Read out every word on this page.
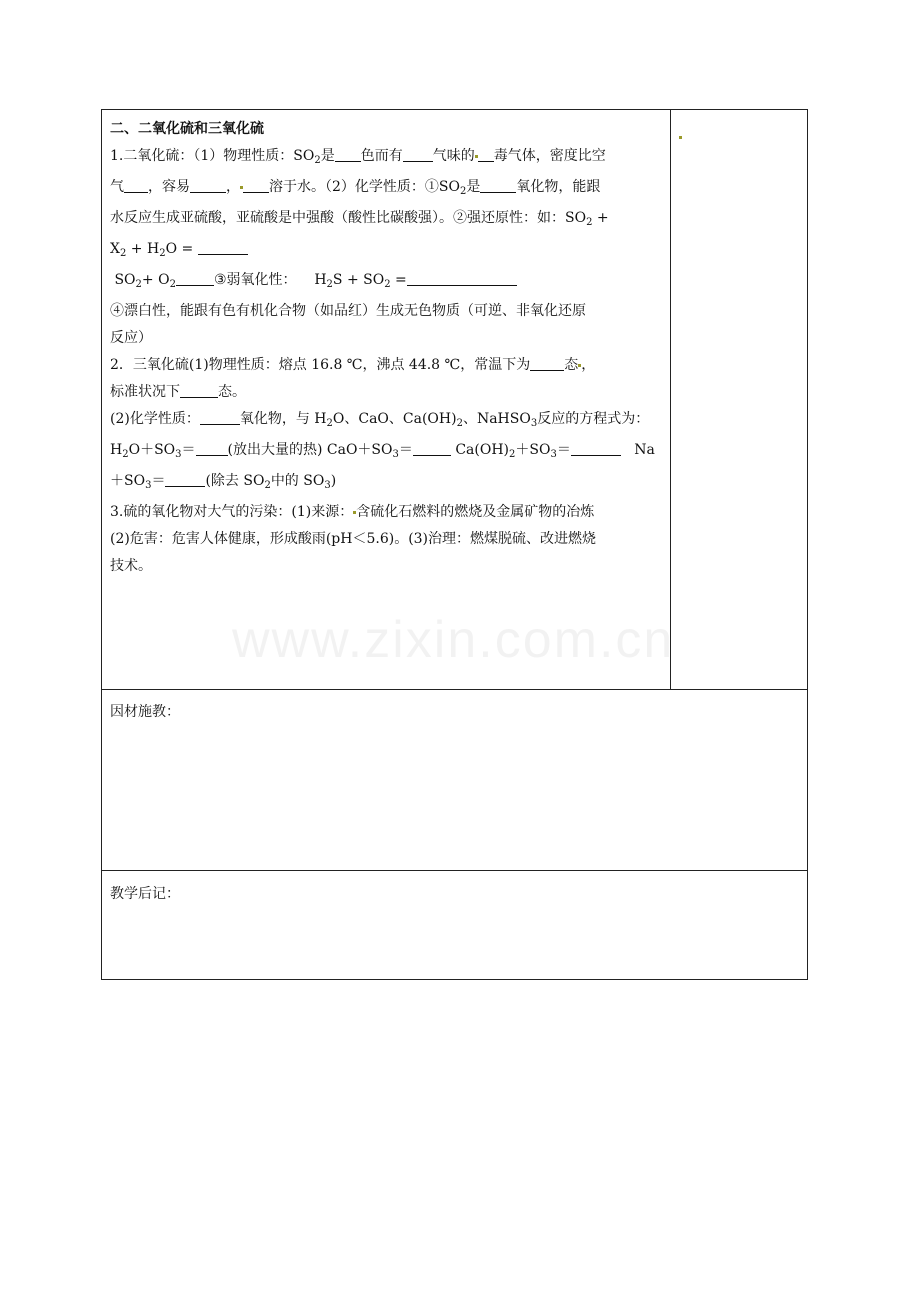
二、二氧化硫和三氧化硫

1.二氧化硫：（1）物理性质：$SO_2$是 色而有 气味的 毒气体，密度比空

气 ，容易	， 溶于水。（2）化学性质：$①SO_2$是	氧化物，能跟

水反应生成亚硫酸，亚硫酸是中强酸（酸性比碳酸强）。②强还原性：如：$SO_2$ +

$X_2 + H_2O$ =

$SO_2+ O_2$	③弱氧化性： $H_2S + SO_2$ =

④漂白性，能跟有色有机化合物（如品红）生成无色物质（可逆、非氧化还原

反应）

2．三氧化硫(1)物理性质：熔点 16.8 ℃，沸点 44.8 ℃，常温下为 态 ，

标准状况下	态。

(2)化学性质：	氧化物，与 $H_2O$、CaO、$Ca(OH)_2$、NaHSO$_3$反应的方程式为：

$H_2O+SO_3=$ (放出大量的热) $CaO+SO_3=$	$Ca(OH)_2+SO_3=$	Na

$+SO_3=$	(除去 $SO_2$中的 $SO_3$)

3.硫的氧化物对大气的污染：(1)来源： 含硫化石燃料的燃烧及金属矿物的冶炼

(2)危害：危害人体健康，形成酸雨(pH＜5.6)。(3)治理：燃煤脱硫、改进燃烧

技术。

因材施教：
教学后记：
www.zixin.com.cn
